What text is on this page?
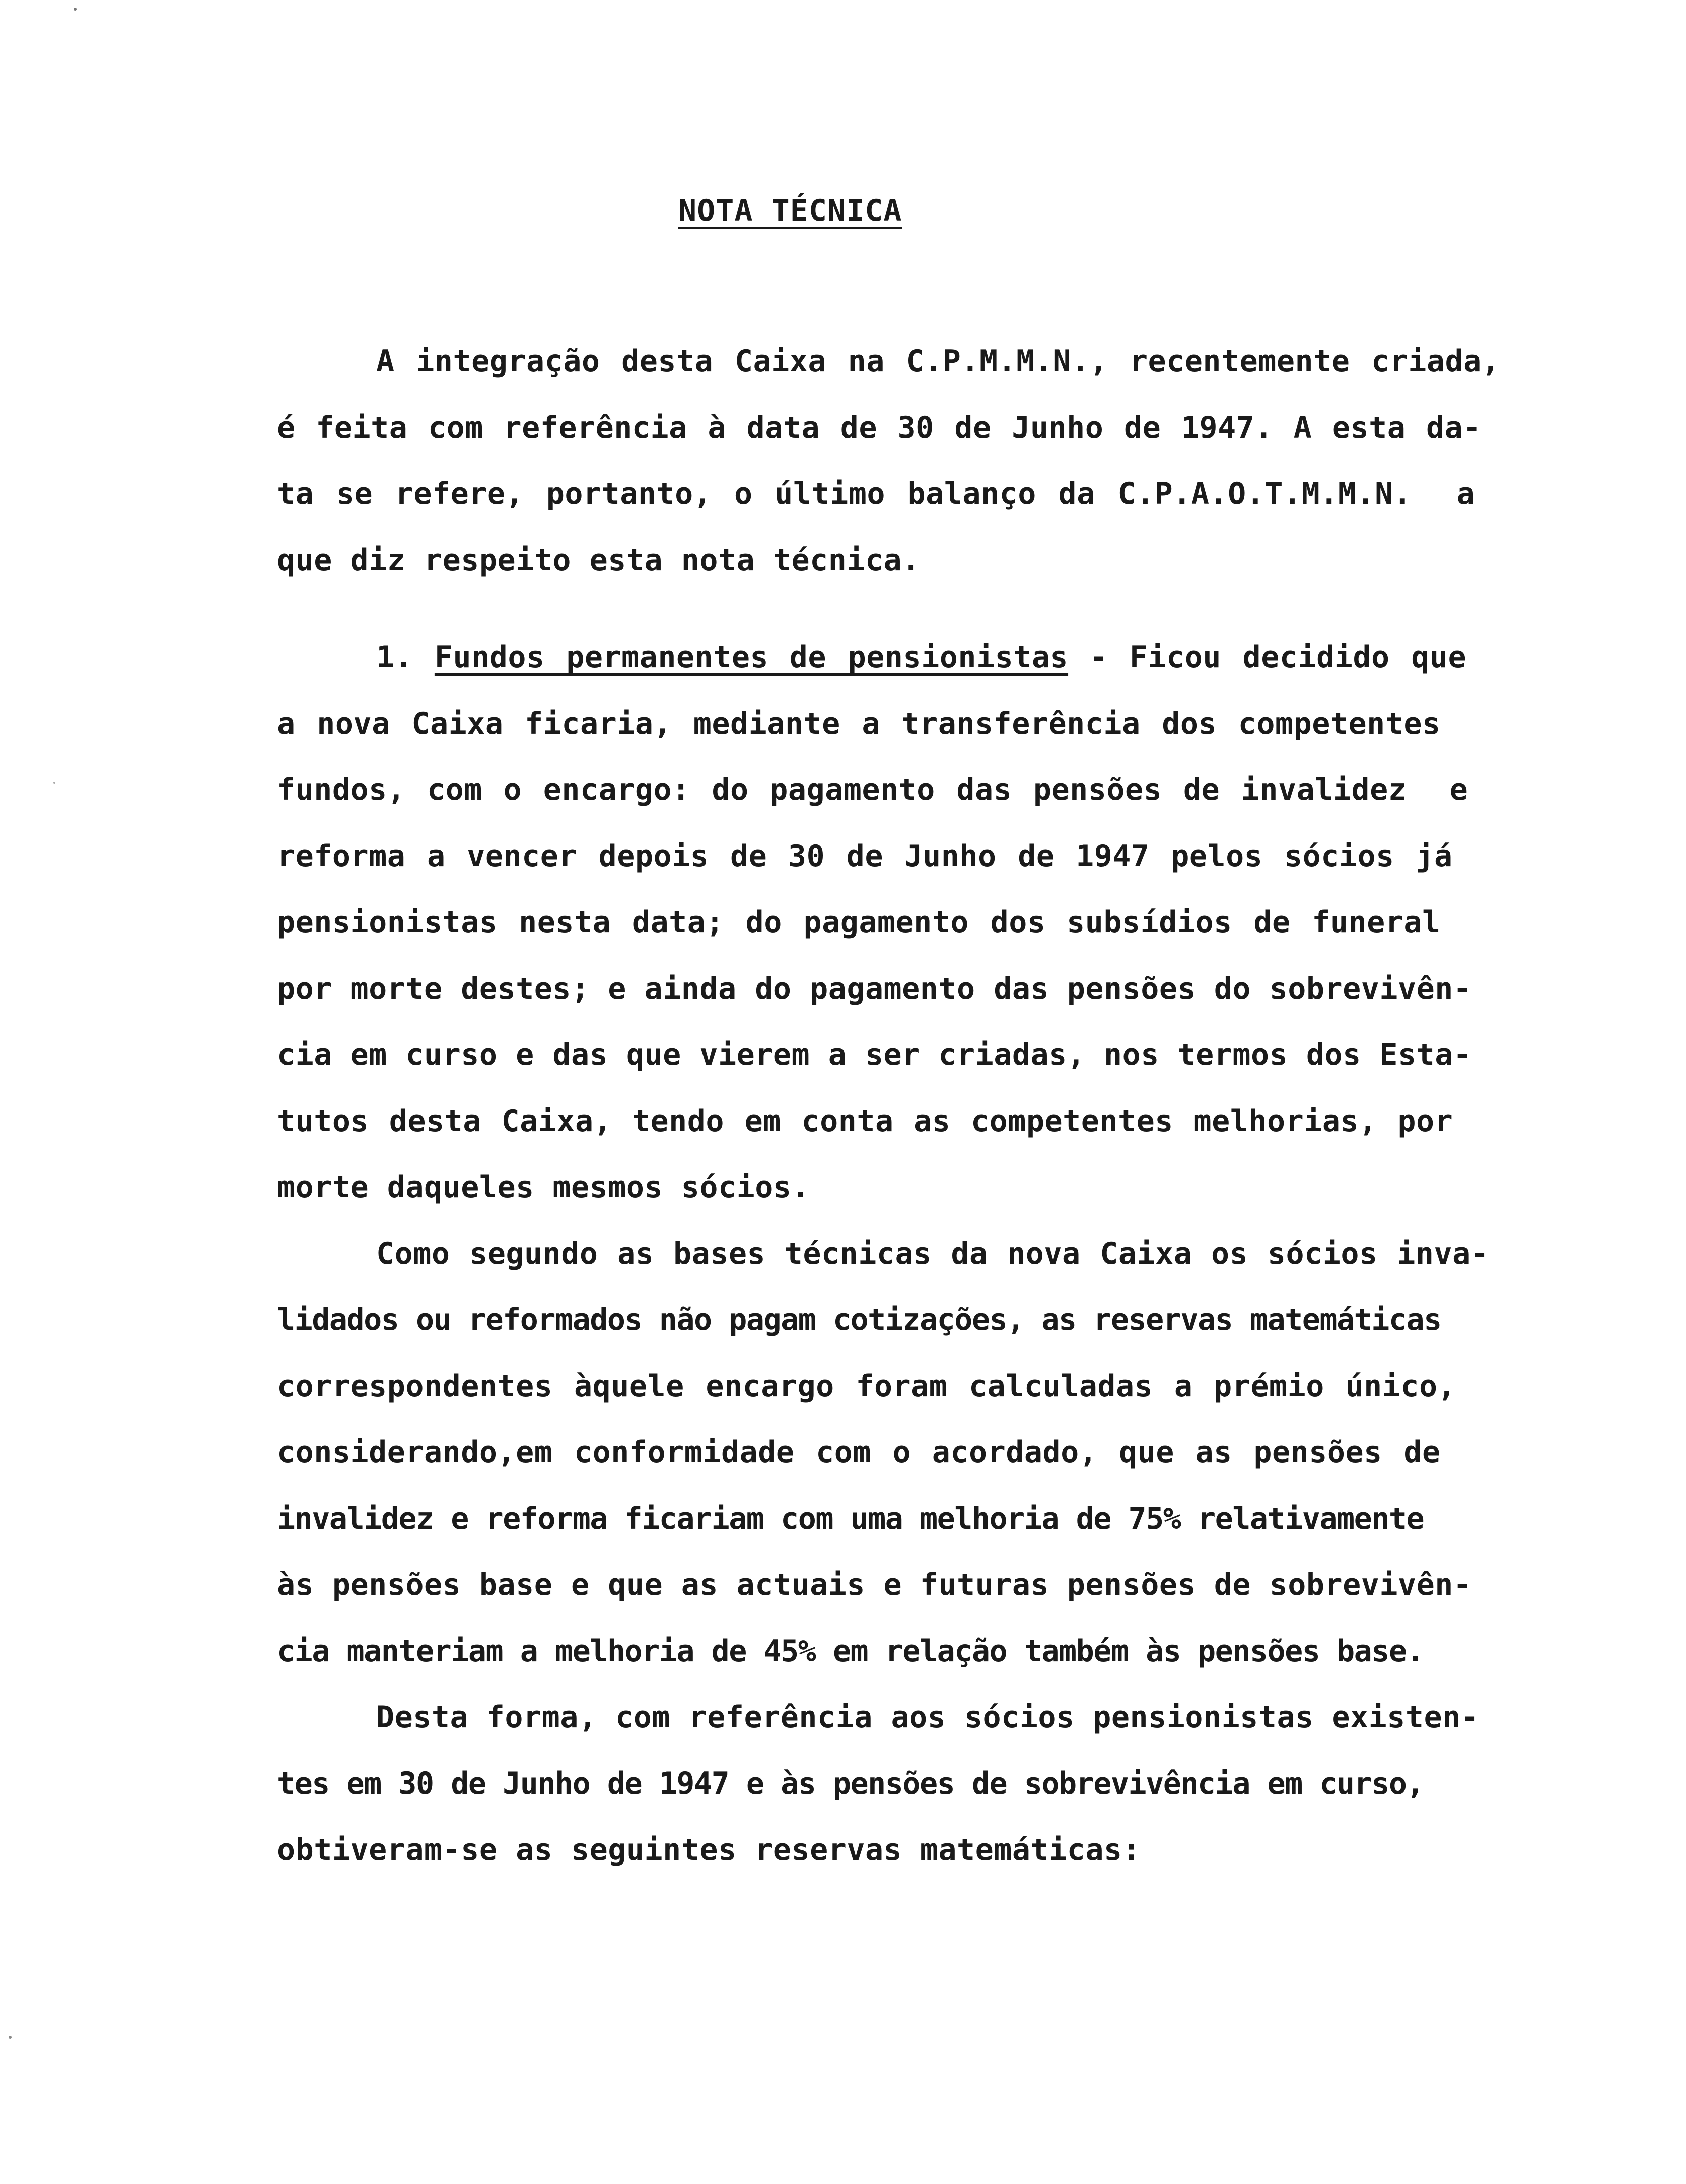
NOTA TÉCNICA
A integração desta Caixa na C.P.M.M.N., recentemente criada,
é feita com referência à data de 30 de Junho de 1947. A esta da-
ta se refere, portanto, o último balanço da C.P.A.O.T.M.M.N.  a
que diz respeito esta nota técnica.
1. Fundos permanentes de pensionistas - Ficou decidido que
a nova Caixa ficaria, mediante a transferência dos competentes
fundos, com o encargo: do pagamento das pensões de invalidez  e
reforma a vencer depois de 30 de Junho de 1947 pelos sócios já
pensionistas nesta data; do pagamento dos subsídios de funeral
por morte destes; e ainda do pagamento das pensões do sobrevivên-
cia em curso e das que vierem a ser criadas, nos termos dos Esta-
tutos desta Caixa, tendo em conta as competentes melhorias, por
morte daqueles mesmos sócios.
Como segundo as bases técnicas da nova Caixa os sócios inva-
lidados ou reformados não pagam cotizações, as reservas matemáticas
correspondentes àquele encargo foram calculadas a prémio único,
considerando,em conformidade com o acordado, que as pensões de
invalidez e reforma ficariam com uma melhoria de 75% relativamente
às pensões base e que as actuais e futuras pensões de sobrevivên-
cia manteriam a melhoria de 45% em relação também às pensões base.
Desta forma, com referência aos sócios pensionistas existen-
tes em 30 de Junho de 1947 e às pensões de sobrevivência em curso,
obtiveram-se as seguintes reservas matemáticas:
